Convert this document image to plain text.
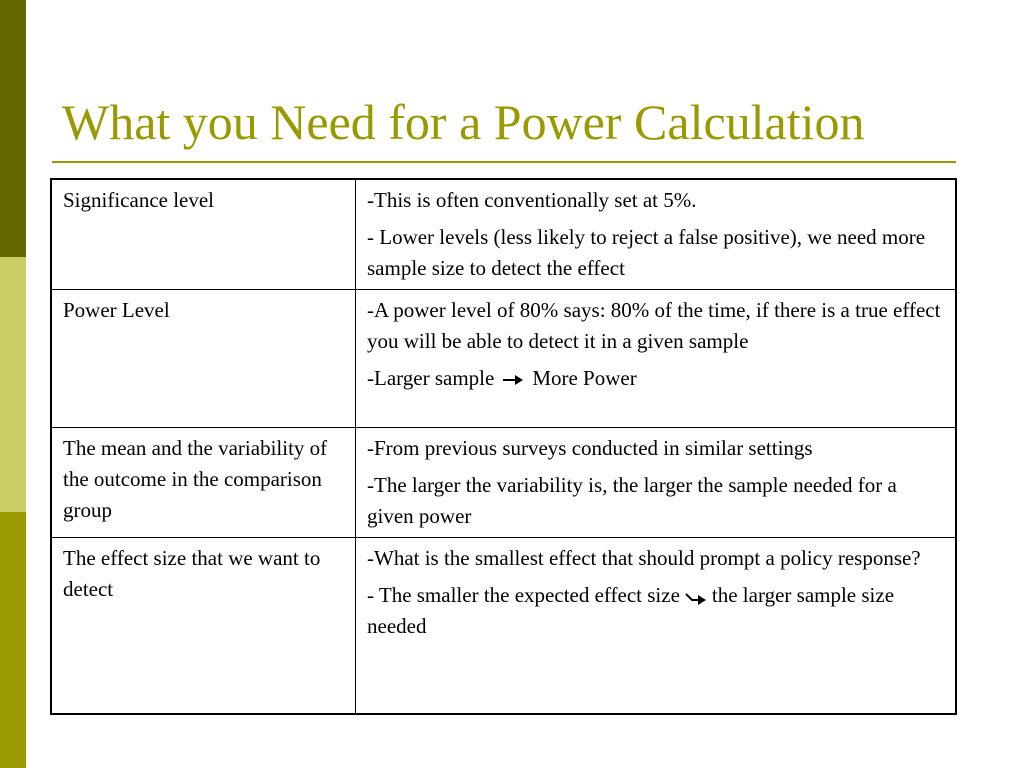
What you Need for a Power Calculation
Significance level	-This is often conventionally set at 5%.
- Lower levels (less likely to reject a false positive), we need more sample size to detect the effect

Power Level	-A power level of 80% says: 80% of the time, if there is a true effect you will be able to detect it in a given sample
-Larger sample More Power

The mean and the variability of the outcome in the comparison group	-From previous surveys conducted in similar settings
-The larger the variability is, the larger the sample needed for a given power

The effect size that we want to detect	-What is the smallest effect that should prompt a policy response?
- The smaller the expected effect size the larger sample size needed
